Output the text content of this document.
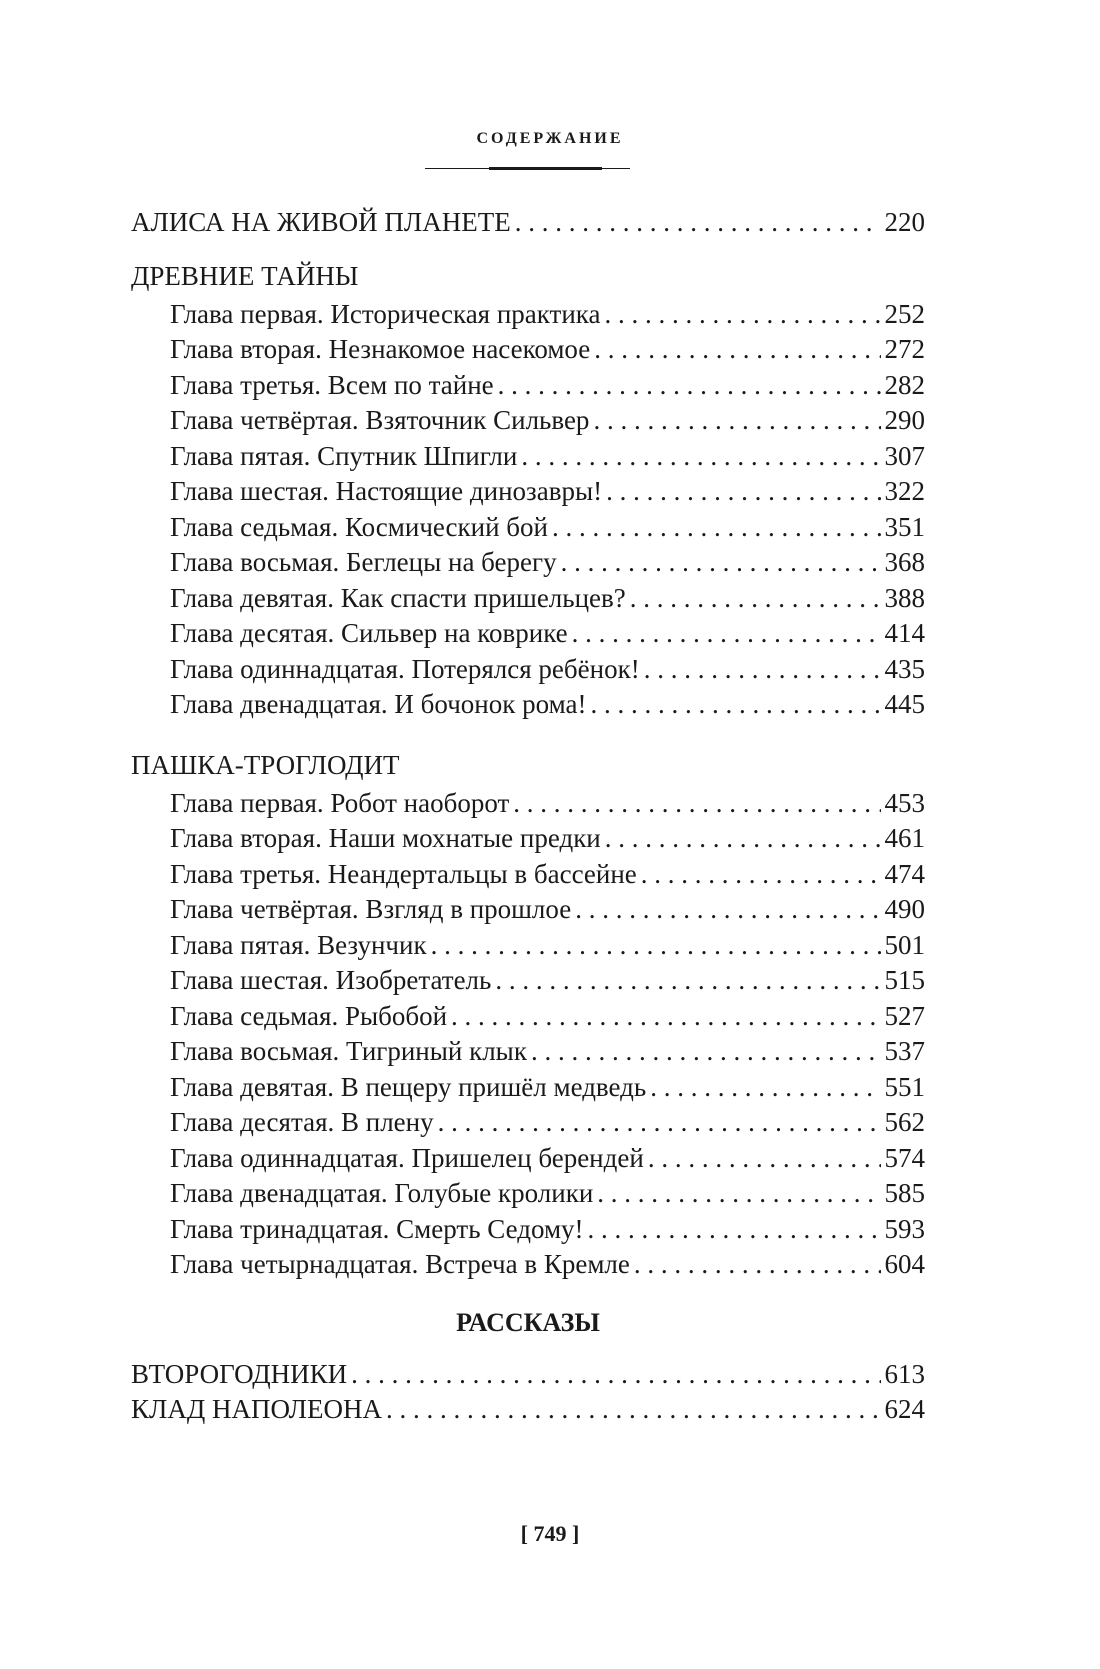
СОДЕРЖАНИЕ
АЛИСА НА ЖИВОЙ ПЛАНЕТЕ . . .	220
ДРЕВНИЕ ТАЙНЫ
Глава первая. Историческая практика . . .	252
Глава вторая. Незнакомое насекомое . . .	272
Глава третья. Всем по тайне . . .	282
Глава четвёртая. Взяточник Сильвер . . .	290
Глава пятая. Спутник Шпигли . . .	307
Глава шестая. Настоящие динозавры! . . .	322
Глава седьмая. Космический бой . . .	351
Глава восьмая. Беглецы на берегу . . .	368
Глава девятая. Как спасти пришельцев? . . .	388
Глава десятая. Сильвер на коврике . . .	414
Глава одиннадцатая. Потерялся ребёнок! . . .	435
Глава двенадцатая. И бочонок рома! . . .	445
ПАШКА-ТРОГЛОДИТ
Глава первая. Робот наоборот . . .	453
Глава вторая. Наши мохнатые предки . . .	461
Глава третья. Неандертальцы в бассейне . . .	474
Глава четвёртая. Взгляд в прошлое . . .	490
Глава пятая. Везунчик . . .	501
Глава шестая. Изобретатель . . .	515
Глава седьмая. Рыбобой . . .	527
Глава восьмая. Тигриный клык . . .	537
Глава девятая. В пещеру пришёл медведь . . .	551
Глава десятая. В плену . . .	562
Глава одиннадцатая. Пришелец берендей . . .	574
Глава двенадцатая. Голубые кролики . . .	585
Глава тринадцатая. Смерть Седому! . . .	593
Глава четырнадцатая. Встреча в Кремле . . .	604
РАССКАЗЫ
ВТОРОГОДНИКИ . . .	613
КЛАД НАПОЛЕОНА . . .	624
[ 749 ]
